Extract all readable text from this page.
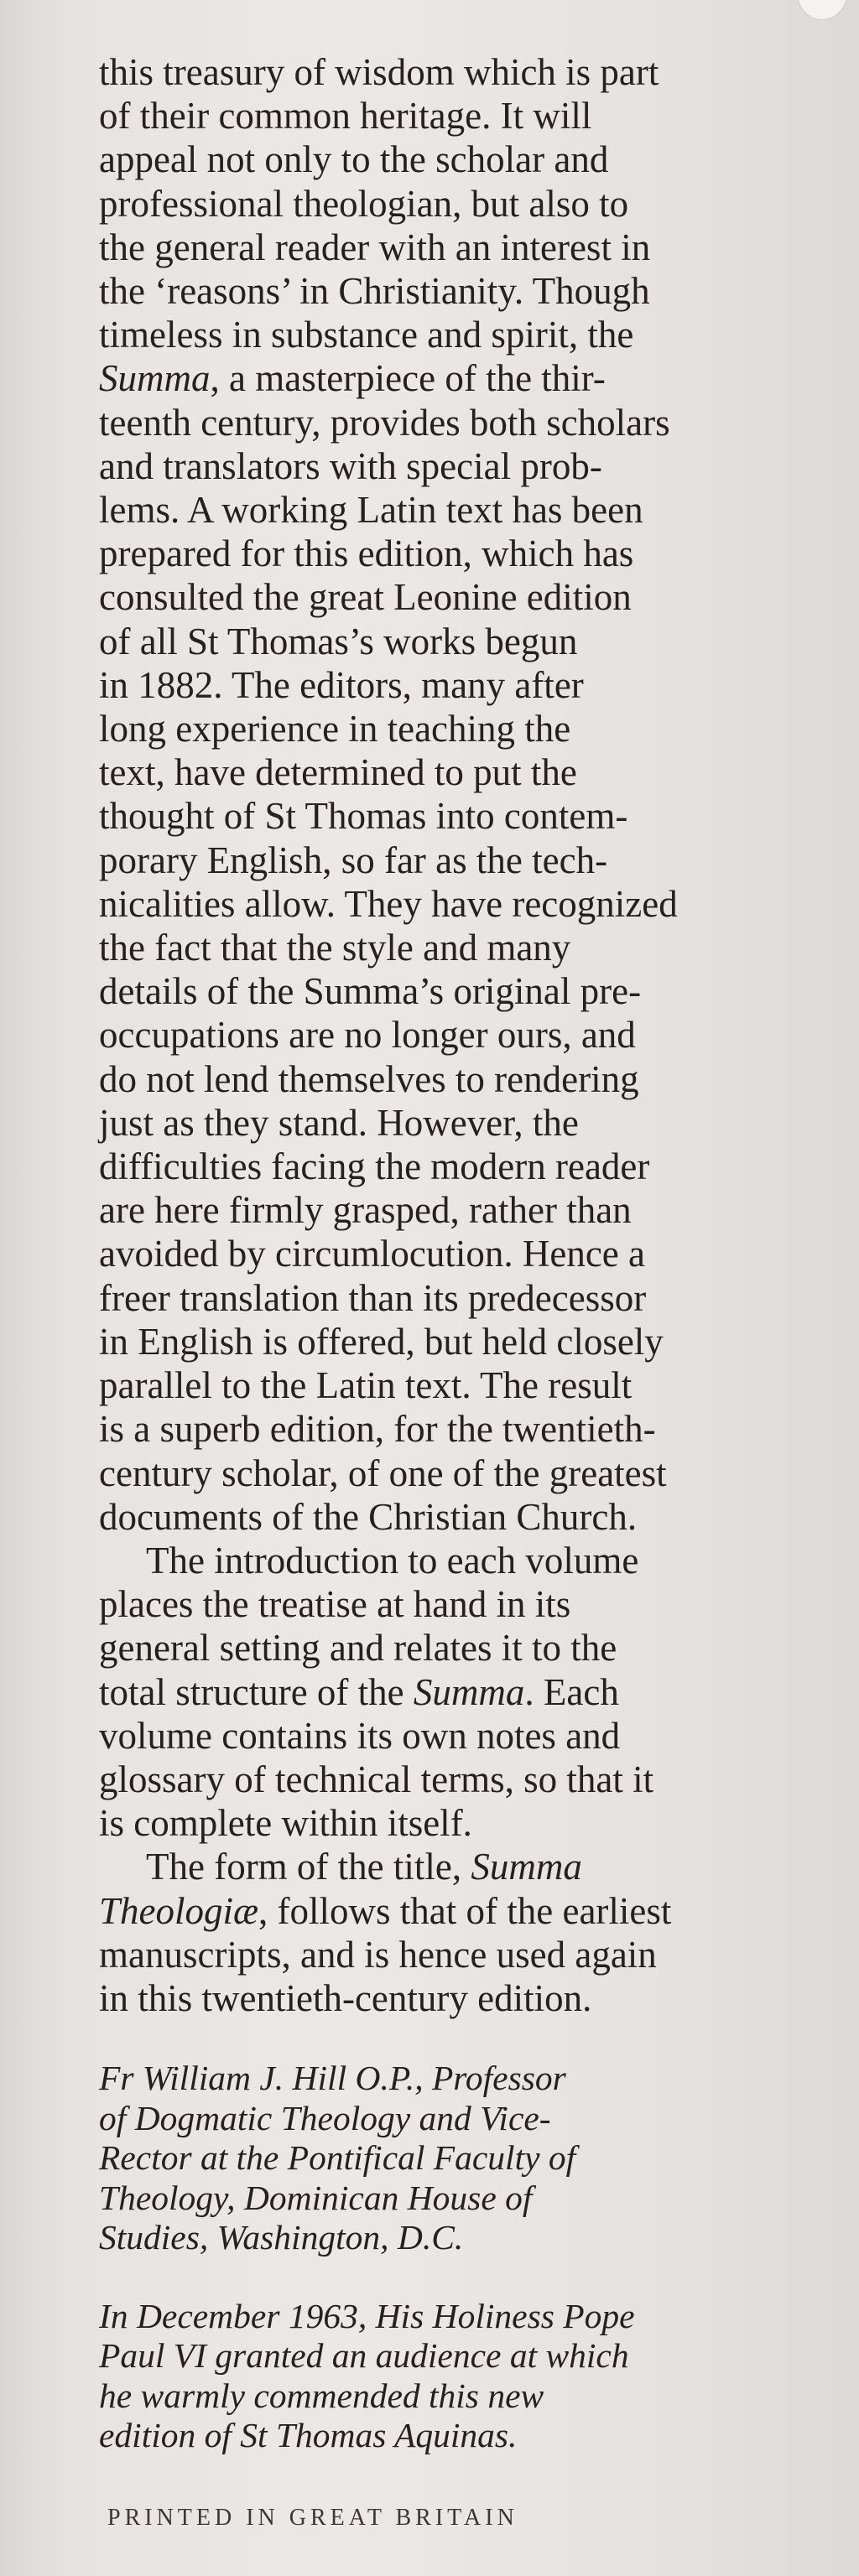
this treasury of wisdom which is part
of their common heritage. It will
appeal not only to the scholar and
professional theologian, but also to
the general reader with an interest in
the ‘reasons’ in Christianity. Though
timeless in substance and spirit, the
Summa, a masterpiece of the thir-
teenth century, provides both scholars
and translators with special prob-
lems. A working Latin text has been
prepared for this edition, which has
consulted the great Leonine edition
of all St Thomas’s works begun
in 1882. The editors, many after
long experience in teaching the
text, have determined to put the
thought of St Thomas into contem-
porary English, so far as the tech-
nicalities allow. They have recognized
the fact that the style and many
details of the Summa’s original pre-
occupations are no longer ours, and
do not lend themselves to rendering
just as they stand. However, the
difficulties facing the modern reader
are here firmly grasped, rather than
avoided by circumlocution. Hence a
freer translation than its predecessor
in English is offered, but held closely
parallel to the Latin text. The result
is a superb edition, for the twentieth-
century scholar, of one of the greatest
documents of the Christian Church.

The introduction to each volume
places the treatise at hand in its
general setting and relates it to the
total structure of the Summa. Each
volume contains its own notes and
glossary of technical terms, so that it
is complete within itself.

The form of the title, Summa
Theologiæ, follows that of the earliest
manuscripts, and is hence used again
in this twentieth-century edition.

Fr William J. Hill O.P., Professor
of Dogmatic Theology and Vice-
Rector at the Pontifical Faculty of
Theology, Dominican House of
Studies, Washington, D.C.

In December 1963, His Holiness Pope
Paul VI granted an audience at which
he warmly commended this new
edition of St Thomas Aquinas.

PRINTED IN GREAT BRITAIN
